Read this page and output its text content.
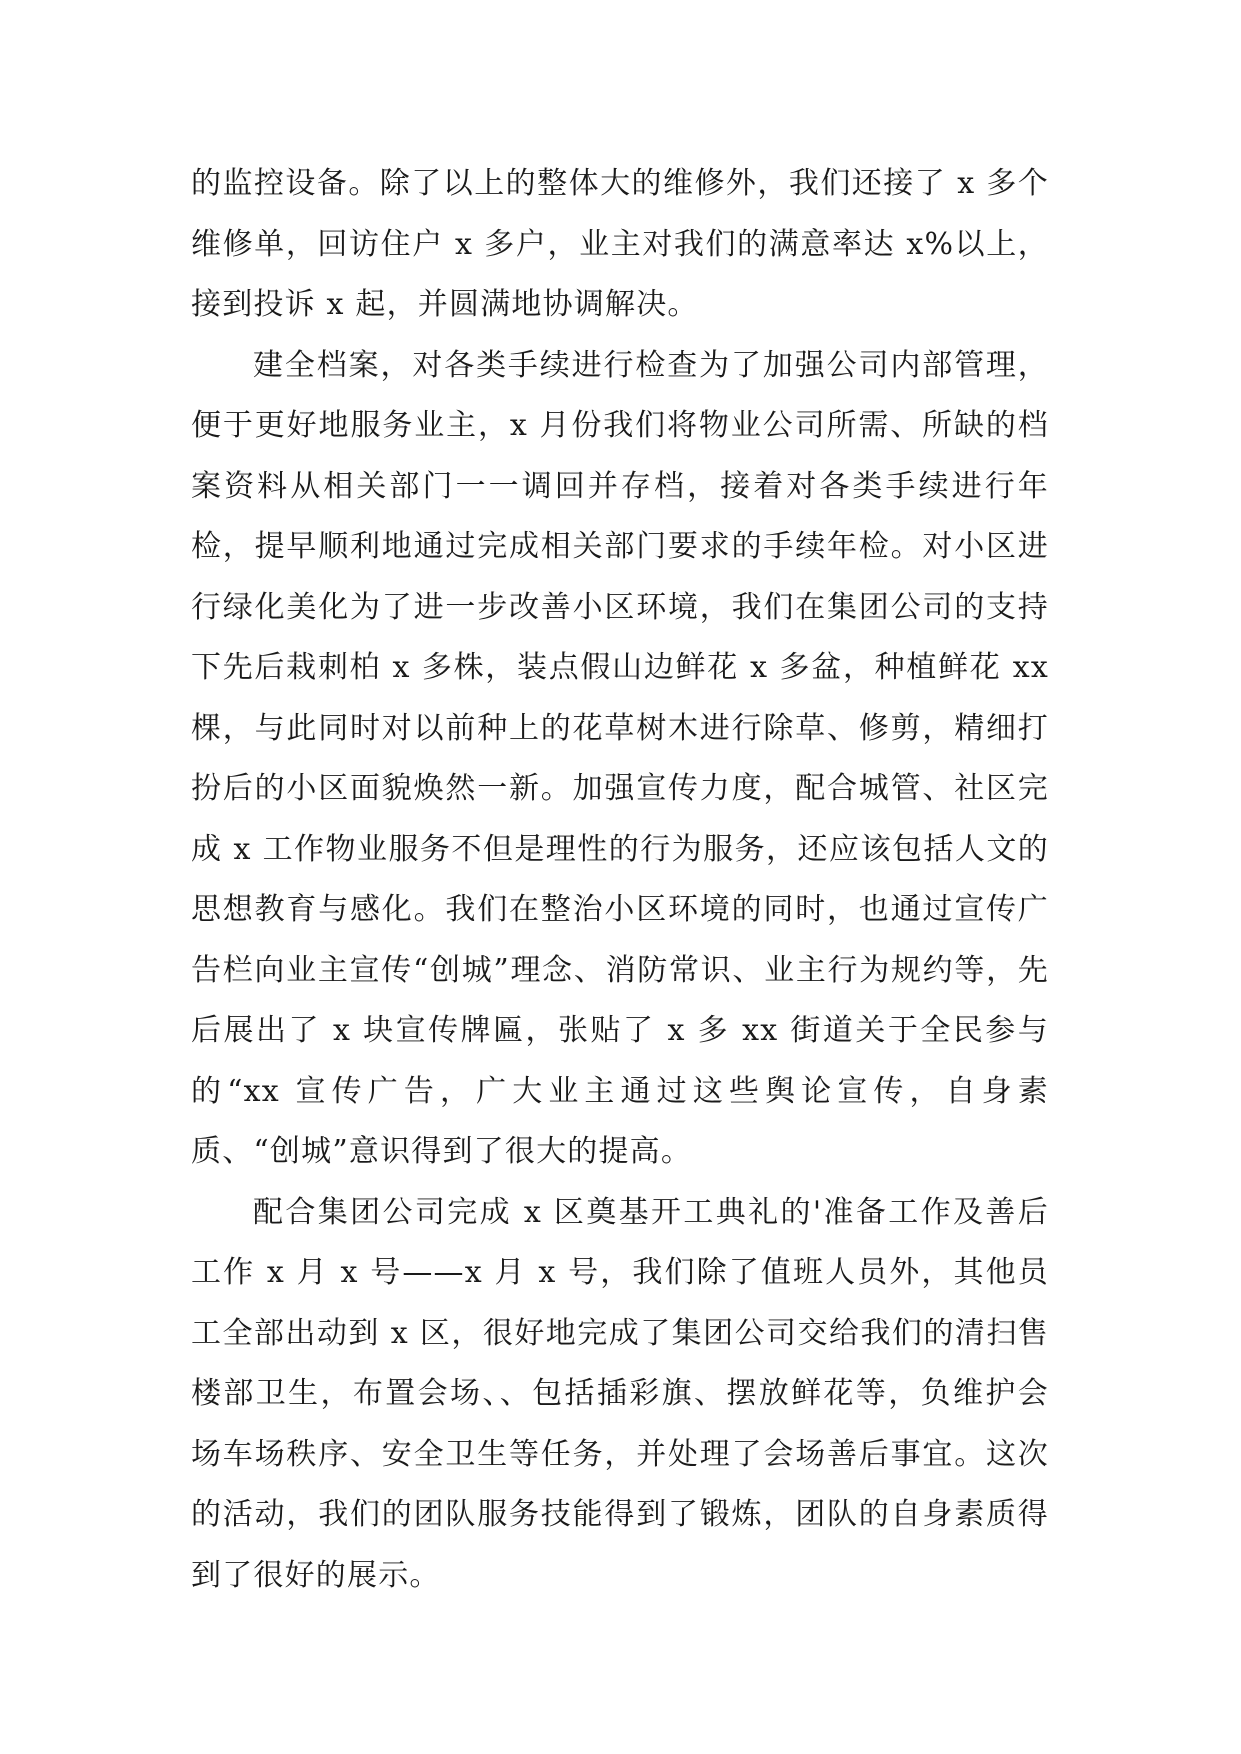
的监控设备。除了以上的整体大的维修外，我们还接了 x 多个维修单，回访住户 x 多户，业主对我们的满意率达 x%以上，接到投诉 x 起，并圆满地协调解决。

建全档案，对各类手续进行检查为了加强公司内部管理，便于更好地服务业主，x 月份我们将物业公司所需、所缺的档案资料从相关部门一一调回并存档，接着对各类手续进行年检，提早顺利地通过完成相关部门要求的手续年检。对小区进行绿化美化为了进一步改善小区环境，我们在集团公司的支持下先后栽刺柏 x 多株，装点假山边鲜花 x 多盆，种植鲜花 xx 棵，与此同时对以前种上的花草树木进行除草、修剪，精细打扮后的小区面貌焕然一新。加强宣传力度，配合城管、社区完成 x 工作物业服务不但是理性的行为服务，还应该包括人文的思想教育与感化。我们在整治小区环境的同时，也通过宣传广告栏向业主宣传“创城”理念、消防常识、业主行为规约等，先后展出了 x 块宣传牌匾，张贴了 x 多 xx 街道关于全民参与的“xx 宣传广告，广大业主通过这些舆论宣传，自身素质、“创城”意识得到了很大的提高。

配合集团公司完成 x 区奠基开工典礼的'准备工作及善后工作 x 月 x 号——x 月 x 号，我们除了值班人员外，其他员工全部出动到 x 区，很好地完成了集团公司交给我们的清扫售楼部卫生，布置会场、、包括插彩旗、摆放鲜花等，负维护会场车场秩序、安全卫生等任务，并处理了会场善后事宜。这次的活动，我们的团队服务技能得到了锻炼，团队的自身素质得到了很好的展示。
